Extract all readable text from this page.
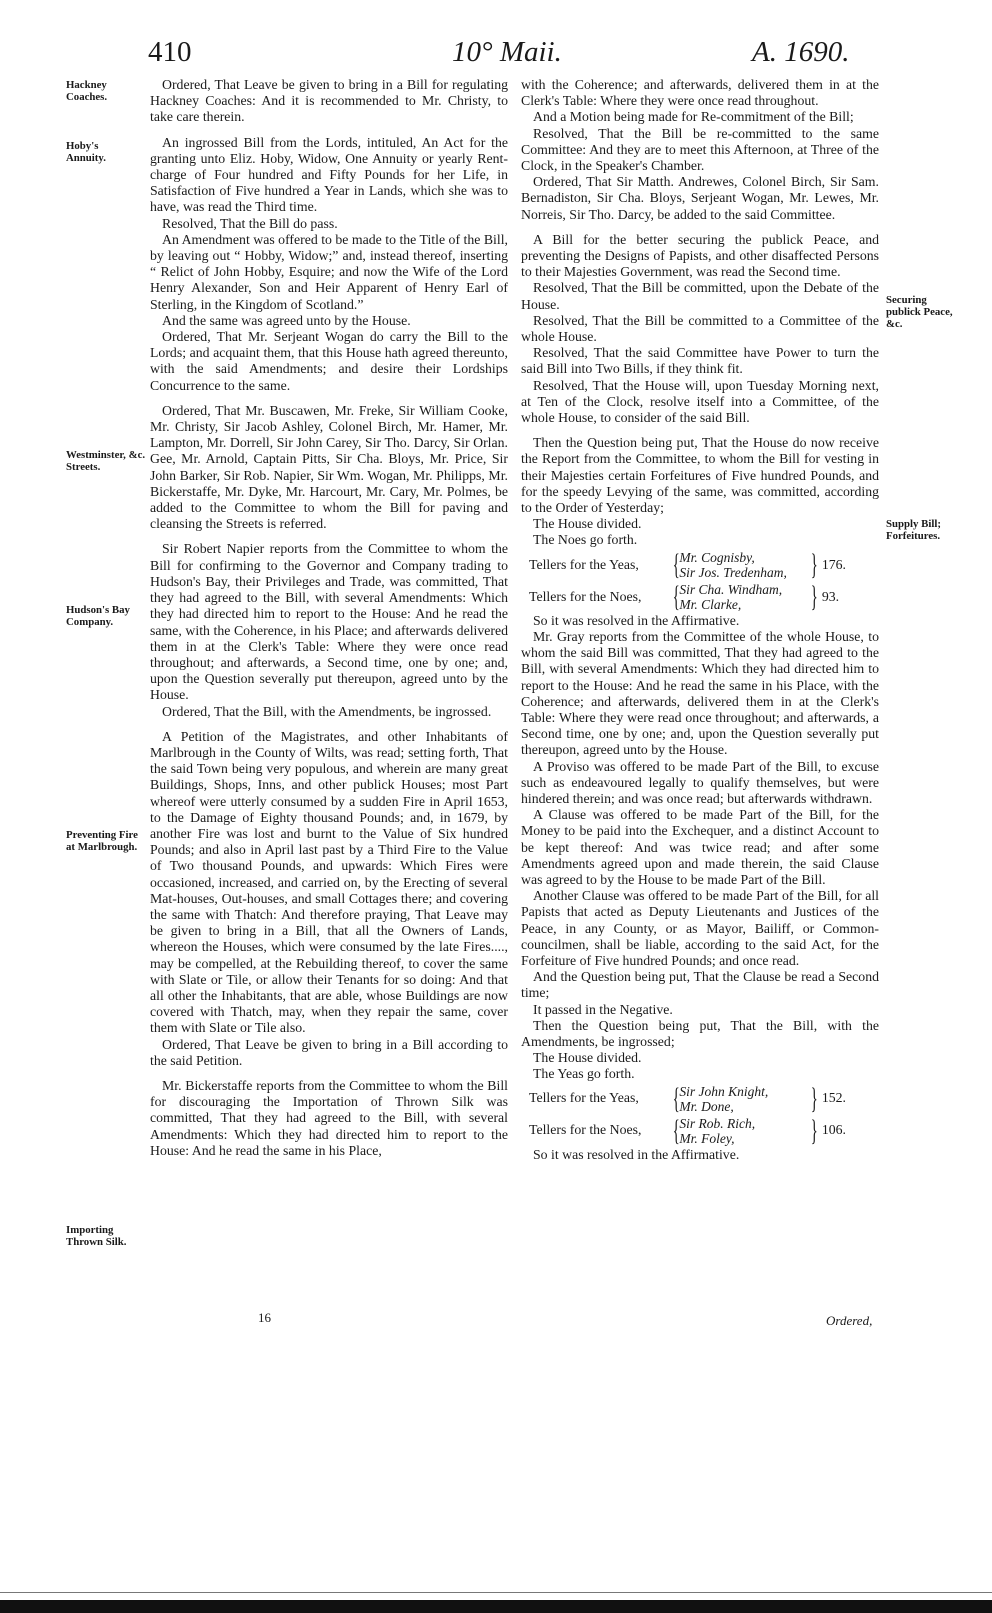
410	10° Maii.	A. 1690.
Hackney Coaches.
Hoby's Annuity.
Westminster, &c. Streets.
Hudson's Bay Company.
Preventing Fire at Marlbrough.
Importing Thrown Silk.
Securing publick Peace, &c.
Supply Bill; Forfeitures.

Ordered, That Leave be given to bring in a Bill for regulating Hackney Coaches: And it is recommended to Mr. Christy, to take care therein.

An ingrossed Bill from the Lords, intituled, An Act for the granting unto Eliz. Hoby, Widow, One Annuity or yearly Rent-charge of Four hundred and Fifty Pounds for her Life, in Satisfaction of Five hundred a Year in Lands, which she was to have, was read the Third time.

Resolved, That the Bill do pass.

An Amendment was offered to be made to the Title of the Bill, by leaving out “ Hobby, Widow;” and, instead thereof, inserting “ Relict of John Hobby, Esquire; and now the Wife of the Lord Henry Alexander, Son and Heir Apparent of Henry Earl of Sterling, in the Kingdom of Scotland.”

And the same was agreed unto by the House.

Ordered, That Mr. Serjeant Wogan do carry the Bill to the Lords; and acquaint them, that this House hath agreed thereunto, with the said Amendments; and desire their Lordships Concurrence to the same.

Ordered, That Mr. Buscawen, Mr. Freke, Sir William Cooke, Mr. Christy, Sir Jacob Ashley, Colonel Birch, Mr. Hamer, Mr. Lampton, Mr. Dorrell, Sir John Carey, Sir Tho. Darcy, Sir Orlan. Gee, Mr. Arnold, Captain Pitts, Sir Cha. Bloys, Mr. Price, Sir John Barker, Sir Rob. Napier, Sir Wm. Wogan, Mr. Philipps, Mr. Bickerstaffe, Mr. Dyke, Mr. Harcourt, Mr. Cary, Mr. Polmes, be added to the Committee to whom the Bill for paving and cleansing the Streets is referred.

Sir Robert Napier reports from the Committee to whom the Bill for confirming to the Governor and Company trading to Hudson's Bay, their Privileges and Trade, was committed, That they had agreed to the Bill, with several Amendments: Which they had directed him to report to the House: And he read the same, with the Coherence, in his Place; and afterwards delivered them in at the Clerk's Table: Where they were once read throughout; and afterwards, a Second time, one by one; and, upon the Question severally put thereupon, agreed unto by the House.

Ordered, That the Bill, with the Amendments, be ingrossed.

A Petition of the Magistrates, and other Inhabitants of Marlbrough in the County of Wilts, was read; setting forth, That the said Town being very populous, and wherein are many great Buildings, Shops, Inns, and other publick Houses; most Part whereof were utterly consumed by a sudden Fire in April 1653, to the Damage of Eighty thousand Pounds; and, in 1679, by another Fire was lost and burnt to the Value of Six hundred Pounds; and also in April last past by a Third Fire to the Value of Two thousand Pounds, and upwards: Which Fires were occasioned, increased, and carried on, by the Erecting of several Mat-houses, Out-houses, and small Cottages there; and covering the same with Thatch: And therefore praying, That Leave may be given to bring in a Bill, that all the Owners of Lands, whereon the Houses, which were consumed by the late Fires...., may be compelled, at the Rebuilding thereof, to cover the same with Slate or Tile, or allow their Tenants for so doing: And that all other the Inhabitants, that are able, whose Buildings are now covered with Thatch, may, when they repair the same, cover them with Slate or Tile also.

Ordered, That Leave be given to bring in a Bill according to the said Petition.

Mr. Bickerstaffe reports from the Committee to whom the Bill for discouraging the Importation of Thrown Silk was committed, That they had agreed to the Bill, with several Amendments: Which they had directed him to report to the House: And he read the same in his Place,

with the Coherence; and afterwards, delivered them in at the Clerk's Table: Where they were once read throughout.

And a Motion being made for Re-commitment of the Bill;

Resolved, That the Bill be re-committed to the same Committee: And they are to meet this Afternoon, at Three of the Clock, in the Speaker's Chamber.

Ordered, That Sir Matth. Andrewes, Colonel Birch, Sir Sam. Bernadiston, Sir Cha. Bloys, Serjeant Wogan, Mr. Lewes, Mr. Norreis, Sir Tho. Darcy, be added to the said Committee.

A Bill for the better securing the publick Peace, and preventing the Designs of Papists, and other disaffected Persons to their Majesties Government, was read the Second time.

Resolved, That the Bill be committed, upon the Debate of the House.

Resolved, That the Bill be committed to a Committee of the whole House.

Resolved, That the said Committee have Power to turn the said Bill into Two Bills, if they think fit.

Resolved, That the House will, upon Tuesday Morning next, at Ten of the Clock, resolve itself into a Committee, of the whole House, to consider of the said Bill.

Then the Question being put, That the House do now receive the Report from the Committee, to whom the Bill for vesting in their Majesties certain Forfeitures of Five hundred Pounds, and for the speedy Levying of the same, was committed, according to the Order of Yesterday;

The House divided.

The Noes go forth.

Tellers for the Yeas,	{ Mr. Cognisby,
Sir Jos. Tredenham, } 176.
Tellers for the Noes,	{ Sir Cha. Windham,
Mr. Clarke,	} 93.

So it was resolved in the Affirmative.

Mr. Gray reports from the Committee of the whole House, to whom the said Bill was committed, That they had agreed to the Bill, with several Amendments: Which they had directed him to report to the House: And he read the same in his Place, with the Coherence; and afterwards, delivered them in at the Clerk's Table: Where they were read once throughout; and afterwards, a Second time, one by one; and, upon the Question severally put thereupon, agreed unto by the House.

A Proviso was offered to be made Part of the Bill, to excuse such as endeavoured legally to qualify themselves, but were hindered therein; and was once read; but afterwards withdrawn.

A Clause was offered to be made Part of the Bill, for the Money to be paid into the Exchequer, and a distinct Account to be kept thereof: And was twice read; and after some Amendments agreed upon and made therein, the said Clause was agreed to by the House to be made Part of the Bill.

Another Clause was offered to be made Part of the Bill, for all Papists that acted as Deputy Lieutenants and Justices of the Peace, in any County, or as Mayor, Bailiff, or Common-councilmen, shall be liable, according to the said Act, for the Forfeiture of Five hundred Pounds; and once read.

And the Question being put, That the Clause be read a Second time;

It passed in the Negative.

Then the Question being put, That the Bill, with the Amendments, be ingrossed;

The House divided.

The Yeas go forth.

Tellers for the Yeas,	{ Sir John Knight,
Mr. Done,	} 152.
Tellers for the Noes,	{ Sir Rob. Rich,
Mr. Foley,	} 106.

So it was resolved in the Affirmative.

16	Ordered,
